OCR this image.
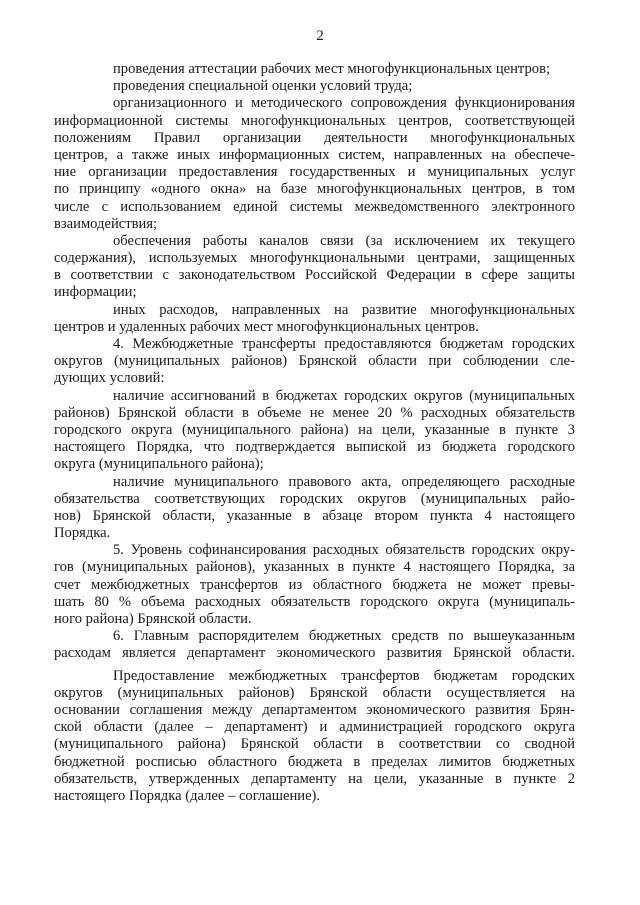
2
проведения аттестации рабочих мест многофункциональных центров;
проведения специальной оценки условий труда;
организационного и методического сопровождения функционирования
информационной системы многофункциональных центров, соответствующей
положениям Правил организации деятельности многофункциональных
центров, а также иных информационных систем, направленных на обеспече-
ние организации предоставления государственных и муниципальных услуг
по принципу «одного окна» на базе многофункциональных центров, в том
числе с использованием единой системы межведомственного электронного
взаимодействия;
обеспечения работы каналов связи (за исключением их текущего
содержания), используемых многофункциональными центрами, защищенных
в соответствии с законодательством Российской Федерации в сфере защиты
информации;
иных расходов, направленных на развитие многофункциональных
центров и удаленных рабочих мест многофункциональных центров.
4. Межбюджетные трансферты предоставляются бюджетам городских
округов (муниципальных районов) Брянской области при соблюдении сле-
дующих условий:
наличие ассигнований в бюджетах городских округов (муниципальных
районов) Брянской области в объеме не менее 20 % расходных обязательств
городского округа (муниципального района) на цели, указанные в пункте 3
настоящего Порядка, что подтверждается выпиской из бюджета городского
округа (муниципального района);
наличие муниципального правового акта, определяющего расходные
обязательства соответствующих городских округов (муниципальных райо-
нов) Брянской области, указанные в абзаце втором пункта 4 настоящего
Порядка.
5. Уровень софинансирования расходных обязательств городских окру-
гов (муниципальных районов), указанных в пункте 4 настоящего Порядка, за
счет межбюджетных трансфертов из областного бюджета не может превы-
шать 80 % объема расходных обязательств городского округа (муниципаль-
ного района) Брянской области.
6. Главным распорядителем бюджетных средств по вышеуказанным
расходам является департамент экономического развития Брянской области.
Предоставление межбюджетных трансфертов бюджетам городских
округов (муниципальных районов) Брянской области осуществляется на
основании соглашения между департаментом экономического развития Брян-
ской области (далее – департамент) и администрацией городского округа
(муниципального района) Брянской области в соответствии со сводной
бюджетной росписью областного бюджета в пределах лимитов бюджетных
обязательств, утвержденных департаменту на цели, указанные в пункте 2
настоящего Порядка (далее – соглашение).
